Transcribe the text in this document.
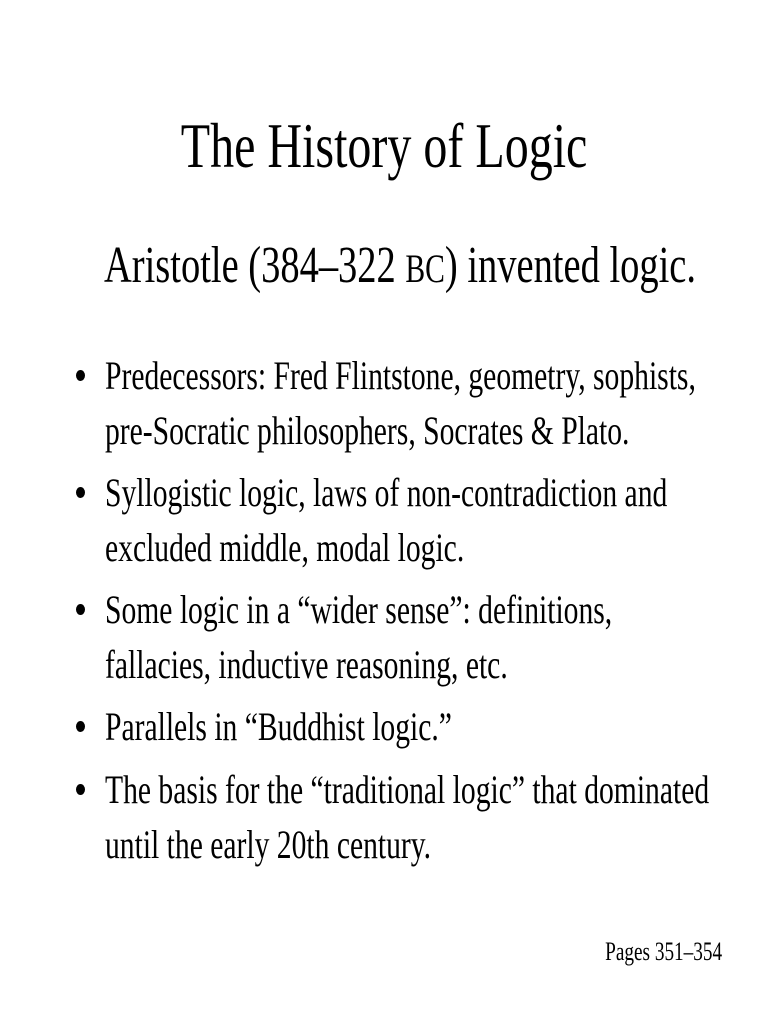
The History of Logic
Aristotle (384–322 BC) invented logic.
Predecessors: Fred Flintstone, geometry, sophists,
pre-Socratic philosophers, Socrates & Plato.
Syllogistic logic, laws of non-contradiction and
excluded middle, modal logic.
Some logic in a “wider sense”: definitions,
fallacies, inductive reasoning, etc.
Parallels in “Buddhist logic.”
The basis for the “traditional logic” that dominated
until the early 20th century.
Pages 351–354
